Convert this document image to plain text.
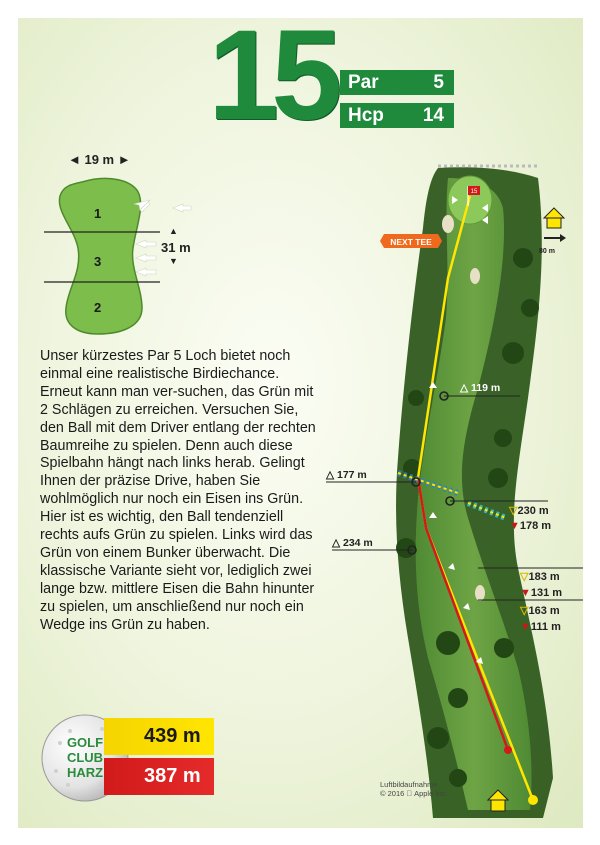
15 Par	5
Hcp 14
◄ 19 m ►
1
3
2
▲
31 m
▼
Unser kürzestes Par 5 Loch bietet noch einmal eine realistische Birdiechance. Erneut kann man ver-suchen, das Grün mit 2 Schlägen zu erreichen. Versuchen Sie, den Ball mit dem Driver entlang der rechten Baumreihe zu spielen. Denn auch diese Spielbahn hängt nach links herab. Gelingt Ihnen der präzise Drive, haben Sie wohlmöglich nur noch ein Eisen ins Grün. Hier ist es wichtig, den Ball tendenziell rechts aufs Grün zu spielen. Links wird das Grün von einem Bunker überwacht. Die klassische Variante sieht vor, lediglich zwei lange bzw. mittlere Eisen die Bahn hinunter zu spielen, um anschließend nur noch ein Wedge ins Grün zu haben.
GOLF
CLUB
HARZ
439 m
387 m
15
NEXT TEE
80 m
△ 119 m
△ 177 m
△ 234 m
▽230 m
▼178 m
▽183 m
▼131 m
▽163 m
▼111 m
Luftbildaufnahme
© 2016 Apple Inc.
